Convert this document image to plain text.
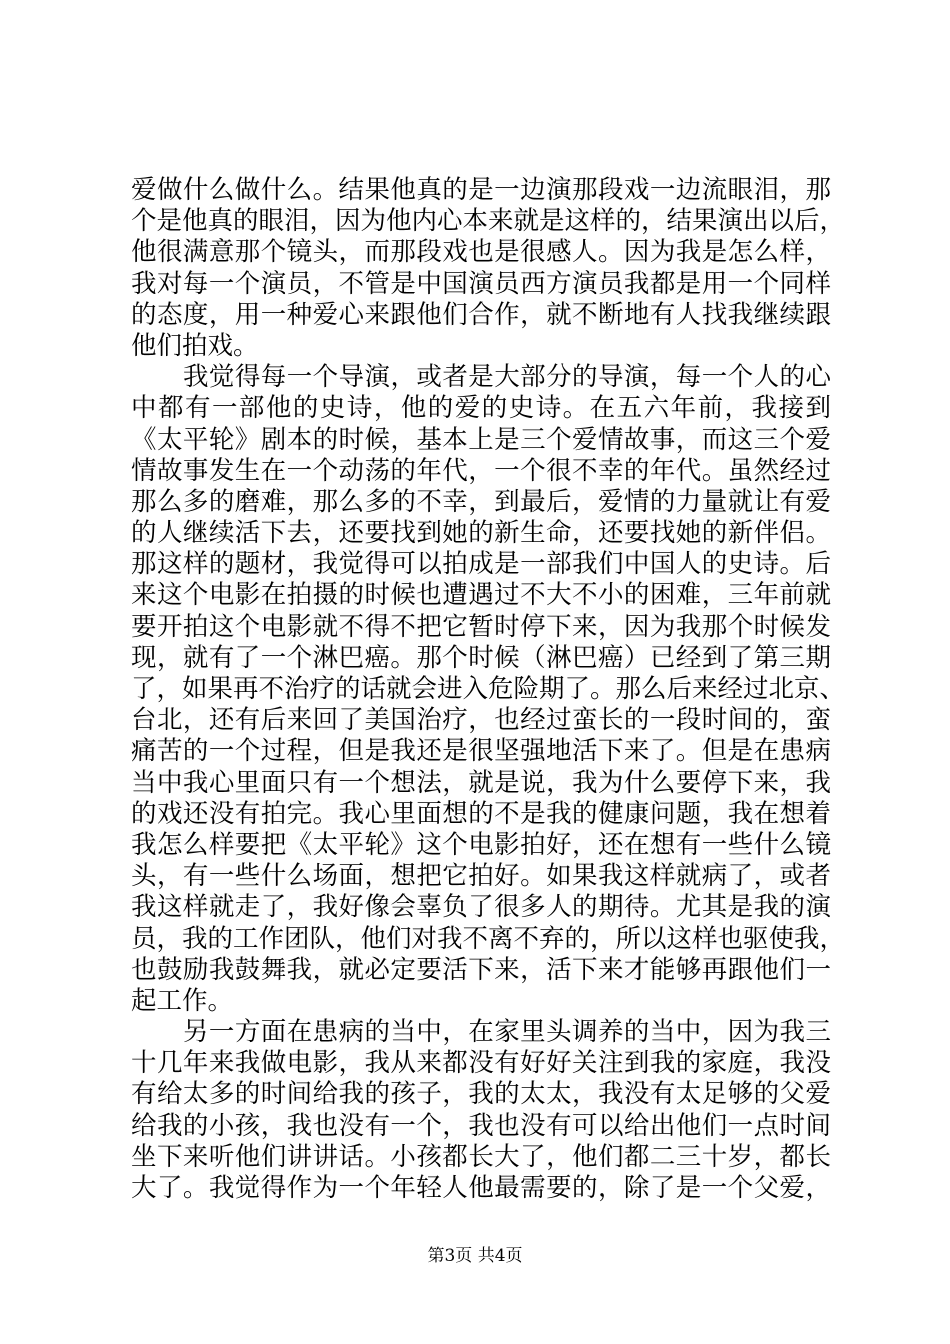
爱做什么做什么。结果他真的是一边演那段戏一边流眼泪，那
个是他真的眼泪，因为他内心本来就是这样的，结果演出以后，
他很满意那个镜头，而那段戏也是很感人。因为我是怎么样，
我对每一个演员，不管是中国演员西方演员我都是用一个同样
的态度，用一种爱心来跟他们合作，就不断地有人找我继续跟
他们拍戏。
我觉得每一个导演，或者是大部分的导演，每一个人的心
中都有一部他的史诗，他的爱的史诗。在五六年前，我接到
《太平轮》剧本的时候，基本上是三个爱情故事，而这三个爱
情故事发生在一个动荡的年代，一个很不幸的年代。虽然经过
那么多的磨难，那么多的不幸，到最后，爱情的力量就让有爱
的人继续活下去，还要找到她的新生命，还要找她的新伴侣。
那这样的题材，我觉得可以拍成是一部我们中国人的史诗。后
来这个电影在拍摄的时候也遭遇过不大不小的困难，三年前就
要开拍这个电影就不得不把它暂时停下来，因为我那个时候发
现，就有了一个淋巴癌。那个时候（淋巴癌）已经到了第三期
了，如果再不治疗的话就会进入危险期了。那么后来经过北京、
台北，还有后来回了美国治疗，也经过蛮长的一段时间的，蛮
痛苦的一个过程，但是我还是很坚强地活下来了。但是在患病
当中我心里面只有一个想法，就是说，我为什么要停下来，我
的戏还没有拍完。我心里面想的不是我的健康问题，我在想着
我怎么样要把《太平轮》这个电影拍好，还在想有一些什么镜
头，有一些什么场面，想把它拍好。如果我这样就病了，或者
我这样就走了，我好像会辜负了很多人的期待。尤其是我的演
员，我的工作团队，他们对我不离不弃的，所以这样也驱使我，
也鼓励我鼓舞我，就必定要活下来，活下来才能够再跟他们一
起工作。
另一方面在患病的当中，在家里头调养的当中，因为我三
十几年来我做电影，我从来都没有好好关注到我的家庭，我没
有给太多的时间给我的孩子，我的太太，我没有太足够的父爱
给我的小孩，我也没有一个，我也没有可以给出他们一点时间
坐下来听他们讲讲话。小孩都长大了，他们都二三十岁，都长
大了。我觉得作为一个年轻人他最需要的，除了是一个父爱，
第3页 共4页
